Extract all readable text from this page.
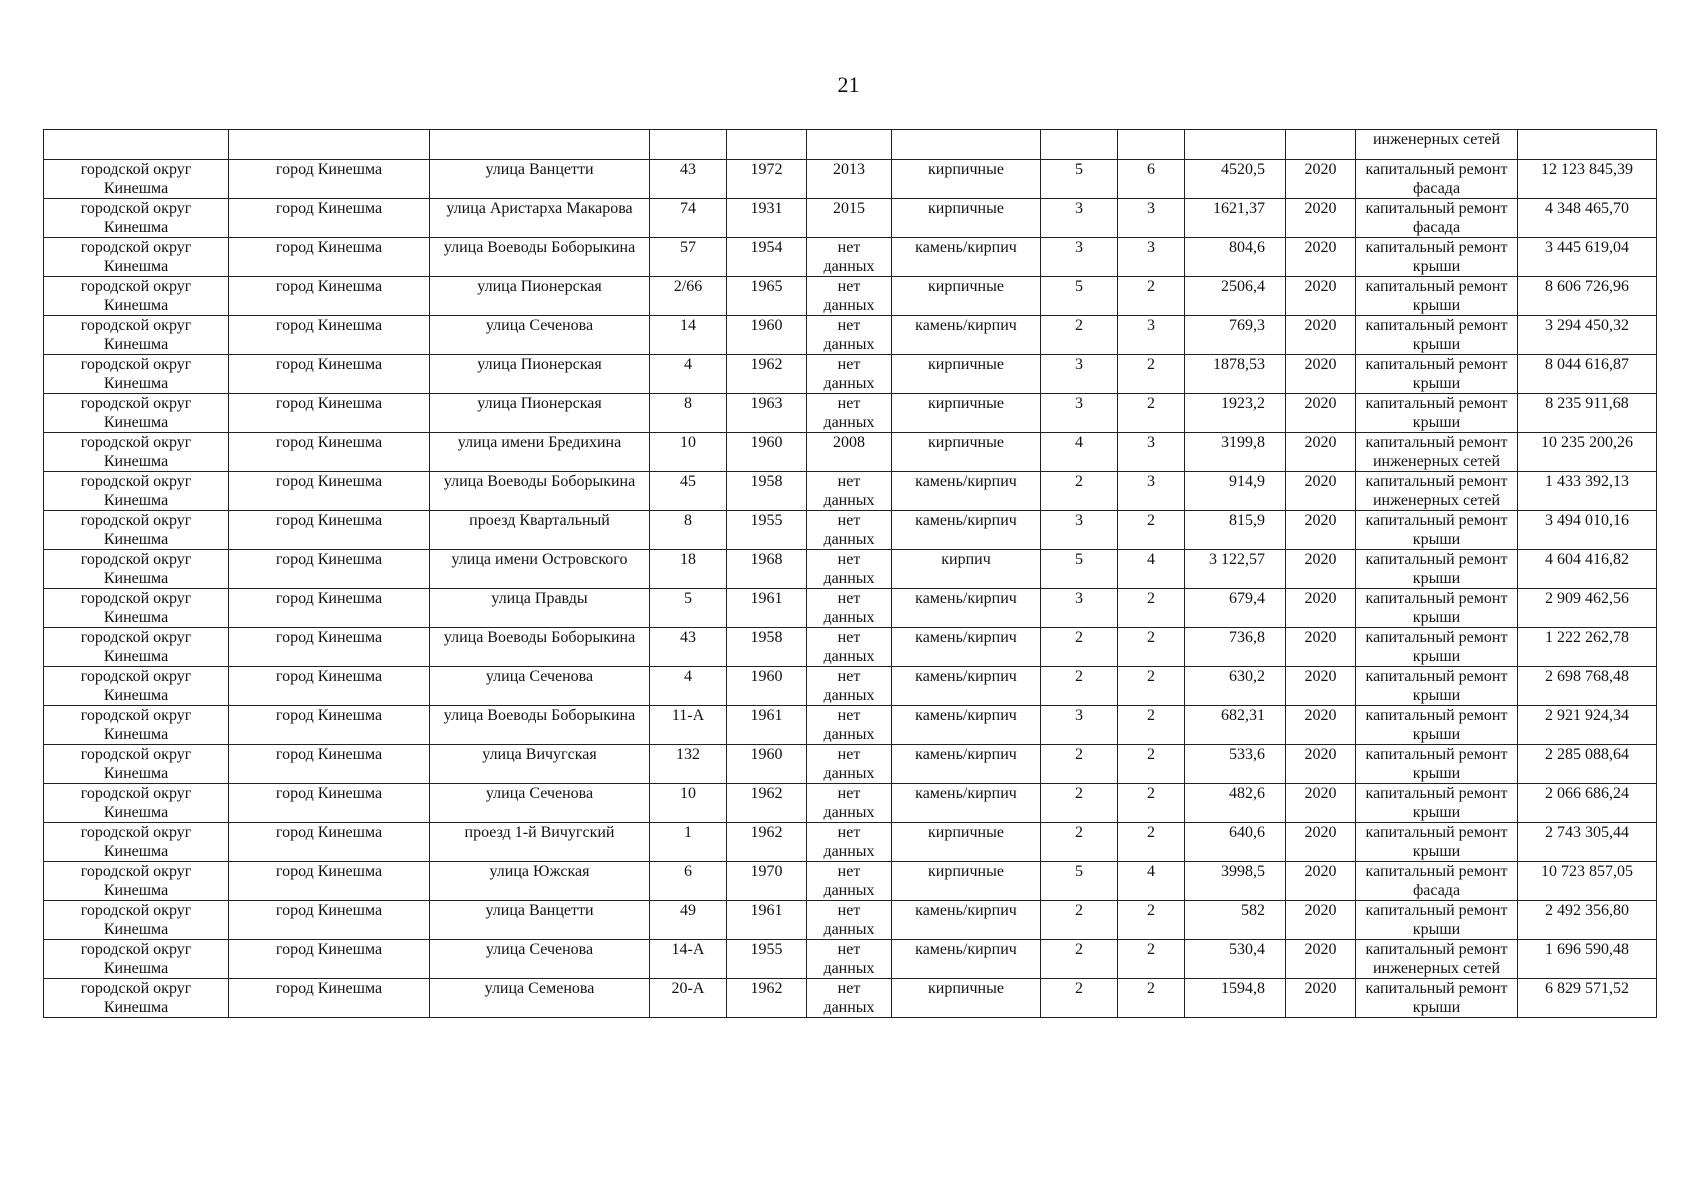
21
											инженерных сетей	
городской округ Кинешма	город Кинешма	улица Ванцетти	43	1972	2013	кирпичные	5	6	4520,5	2020	капитальный ремонт фасада	12 123 845,39
городской округ Кинешма	город Кинешма	улица Аристарха Макарова	74	1931	2015	кирпичные	3	3	1621,37	2020	капитальный ремонт фасада	4 348 465,70
городской округ Кинешма	город Кинешма	улица Воеводы Боборыкина	57	1954	нет данных	камень/кирпич	3	3	804,6	2020	капитальный ремонт крыши	3 445 619,04
городской округ Кинешма	город Кинешма	улица Пионерская	2/66	1965	нет данных	кирпичные	5	2	2506,4	2020	капитальный ремонт крыши	8 606 726,96
городской округ Кинешма	город Кинешма	улица Сеченова	14	1960	нет данных	камень/кирпич	2	3	769,3	2020	капитальный ремонт крыши	3 294 450,32
городской округ Кинешма	город Кинешма	улица Пионерская	4	1962	нет данных	кирпичные	3	2	1878,53	2020	капитальный ремонт крыши	8 044 616,87
городской округ Кинешма	город Кинешма	улица Пионерская	8	1963	нет данных	кирпичные	3	2	1923,2	2020	капитальный ремонт крыши	8 235 911,68
городской округ Кинешма	город Кинешма	улица имени Бредихина	10	1960	2008	кирпичные	4	3	3199,8	2020	капитальный ремонт инженерных сетей	10 235 200,26
городской округ Кинешма	город Кинешма	улица Воеводы Боборыкина	45	1958	нет данных	камень/кирпич	2	3	914,9	2020	капитальный ремонт инженерных сетей	1 433 392,13
городской округ Кинешма	город Кинешма	проезд Квартальный	8	1955	нет данных	камень/кирпич	3	2	815,9	2020	капитальный ремонт крыши	3 494 010,16
городской округ Кинешма	город Кинешма	улица имени Островского	18	1968	нет данных	кирпич	5	4	3 122,57	2020	капитальный ремонт крыши	4 604 416,82
городской округ Кинешма	город Кинешма	улица Правды	5	1961	нет данных	камень/кирпич	3	2	679,4	2020	капитальный ремонт крыши	2 909 462,56
городской округ Кинешма	город Кинешма	улица Воеводы Боборыкина	43	1958	нет данных	камень/кирпич	2	2	736,8	2020	капитальный ремонт крыши	1 222 262,78
городской округ Кинешма	город Кинешма	улица Сеченова	4	1960	нет данных	камень/кирпич	2	2	630,2	2020	капитальный ремонт крыши	2 698 768,48
городской округ Кинешма	город Кинешма	улица Воеводы Боборыкина	11-А	1961	нет данных	камень/кирпич	3	2	682,31	2020	капитальный ремонт крыши	2 921 924,34
городской округ Кинешма	город Кинешма	улица Вичугская	132	1960	нет данных	камень/кирпич	2	2	533,6	2020	капитальный ремонт крыши	2 285 088,64
городской округ Кинешма	город Кинешма	улица Сеченова	10	1962	нет данных	камень/кирпич	2	2	482,6	2020	капитальный ремонт крыши	2 066 686,24
городской округ Кинешма	город Кинешма	проезд 1-й Вичугский	1	1962	нет данных	кирпичные	2	2	640,6	2020	капитальный ремонт крыши	2 743 305,44
городской округ Кинешма	город Кинешма	улица Южская	6	1970	нет данных	кирпичные	5	4	3998,5	2020	капитальный ремонт фасада	10 723 857,05
городской округ Кинешма	город Кинешма	улица Ванцетти	49	1961	нет данных	камень/кирпич	2	2	582	2020	капитальный ремонт крыши	2 492 356,80
городской округ Кинешма	город Кинешма	улица Сеченова	14-А	1955	нет данных	камень/кирпич	2	2	530,4	2020	капитальный ремонт инженерных сетей	1 696 590,48
городской округ Кинешма	город Кинешма	улица Семенова	20-А	1962	нет данных	кирпичные	2	2	1594,8	2020	капитальный ремонт крыши	6 829 571,52
